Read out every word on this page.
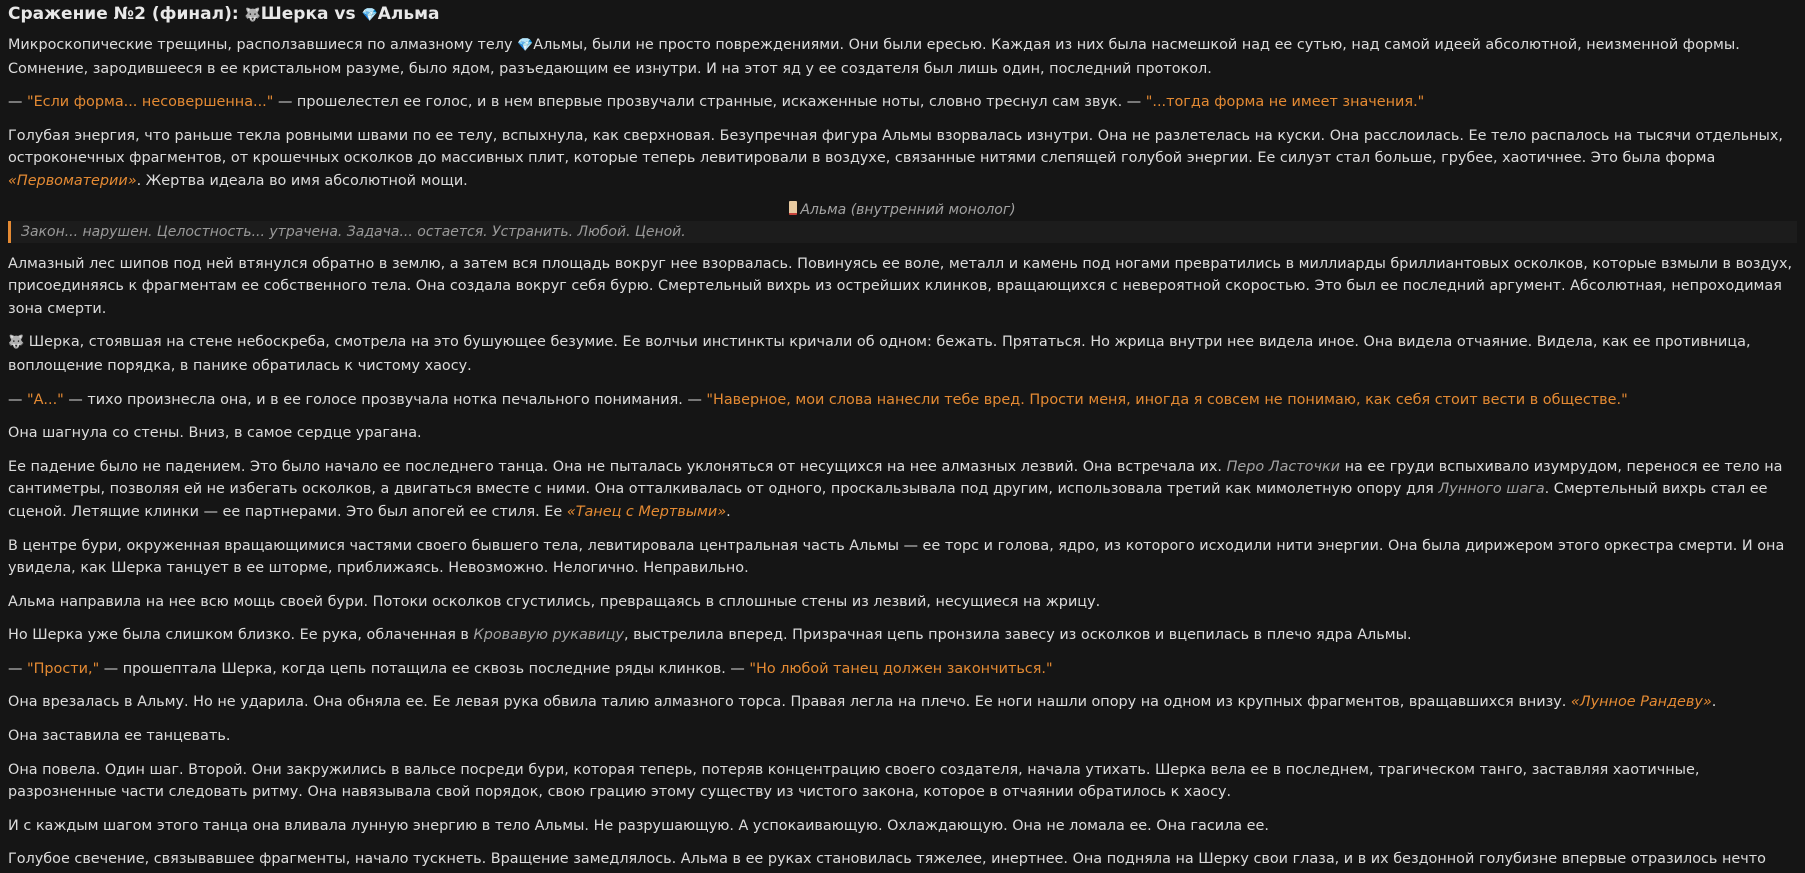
Сражение №2 (финал): 🐺Шерка vs 💎Альма

Микроскопические трещины, расползавшиеся по алмазному телу 💎Альмы, были не просто повреждениями. Они были ересью. Каждая из них была насмешкой над ее сутью, над самой идеей абсолютной, неизменной формы. Сомнение, зародившееся в ее кристальном разуме, было ядом, разъедающим ее изнутри. И на этот яд у ее создателя был лишь один, последний протокол.

— "Если форма... несовершенна..." — прошелестел ее голос, и в нем впервые прозвучали странные, искаженные ноты, словно треснул сам звук. — "...тогда форма не имеет значения."

Голубая энергия, что раньше текла ровными швами по ее телу, вспыхнула, как сверхновая. Безупречная фигура Альмы взорвалась изнутри. Она не разлетелась на куски. Она расслоилась. Ее тело распалось на тысячи отдельных, остроконечных фрагментов, от крошечных осколков до массивных плит, которые теперь левитировали в воздухе, связанные нитями слепящей голубой энергии. Ее силуэт стал больше, грубее, хаотичнее. Это была форма «Первоматерии». Жертва идеала во имя абсолютной мощи.

Альма (внутренний монолог)
Закон... нарушен. Целостность... утрачена. Задача... остается. Устранить. Любой. Ценой.

Алмазный лес шипов под ней втянулся обратно в землю, а затем вся площадь вокруг нее взорвалась. Повинуясь ее воле, металл и камень под ногами превратились в миллиарды бриллиантовых осколков, которые взмыли в воздух, присоединяясь к фрагментам ее собственного тела. Она создала вокруг себя бурю. Смертельный вихрь из острейших клинков, вращающихся с невероятной скоростью. Это был ее последний аргумент. Абсолютная, непроходимая зона смерти.

🐺 Шерка, стоявшая на стене небоскреба, смотрела на это бушующее безумие. Ее волчьи инстинкты кричали об одном: бежать. Прятаться. Но жрица внутри нее видела иное. Она видела отчаяние. Видела, как ее противница, воплощение порядка, в панике обратилась к чистому хаосу.

— "А..." — тихо произнесла она, и в ее голосе прозвучала нотка печального понимания. — "Наверное, мои слова нанесли тебе вред. Прости меня, иногда я совсем не понимаю, как себя стоит вести в обществе."

Она шагнула со стены. Вниз, в самое сердце урагана.

Ее падение было не падением. Это было начало ее последнего танца. Она не пыталась уклоняться от несущихся на нее алмазных лезвий. Она встречала их. Перо Ласточки на ее груди вспыхивало изумрудом, перенося ее тело на сантиметры, позволяя ей не избегать осколков, а двигаться вместе с ними. Она отталкивалась от одного, проскальзывала под другим, использовала третий как мимолетную опору для Лунного шага. Смертельный вихрь стал ее сценой. Летящие клинки — ее партнерами. Это был апогей ее стиля. Ее «Танец с Мертвыми».

В центре бури, окруженная вращающимися частями своего бывшего тела, левитировала центральная часть Альмы — ее торс и голова, ядро, из которого исходили нити энергии. Она была дирижером этого оркестра смерти. И она увидела, как Шерка танцует в ее шторме, приближаясь. Невозможно. Нелогично. Неправильно.

Альма направила на нее всю мощь своей бури. Потоки осколков сгустились, превращаясь в сплошные стены из лезвий, несущиеся на жрицу.

Но Шерка уже была слишком близко. Ее рука, облаченная в Кровавую рукавицу, выстрелила вперед. Призрачная цепь пронзила завесу из осколков и вцепилась в плечо ядра Альмы.

— "Прости," — прошептала Шерка, когда цепь потащила ее сквозь последние ряды клинков. — "Но любой танец должен закончиться."

Она врезалась в Альму. Но не ударила. Она обняла ее. Ее левая рука обвила талию алмазного торса. Правая легла на плечо. Ее ноги нашли опору на одном из крупных фрагментов, вращавшихся внизу. «Лунное Рандеву».

Она заставила ее танцевать.

Она повела. Один шаг. Второй. Они закружились в вальсе посреди бури, которая теперь, потеряв концентрацию своего создателя, начала утихать. Шерка вела ее в последнем, трагическом танго, заставляя хаотичные, разрозненные части следовать ритму. Она навязывала свой порядок, свою грацию этому существу из чистого закона, которое в отчаянии обратилось к хаосу.

И с каждым шагом этого танца она вливала лунную энергию в тело Альмы. Не разрушающую. А успокаивающую. Охлаждающую. Она не ломала ее. Она гасила ее.

Голубое свечение, связывавшее фрагменты, начало тускнеть. Вращение замедлялось. Альма в ее руках становилась тяжелее, инертнее. Она подняла на Шерку свои глаза, и в их бездонной голубизне впервые отразилось нечто
